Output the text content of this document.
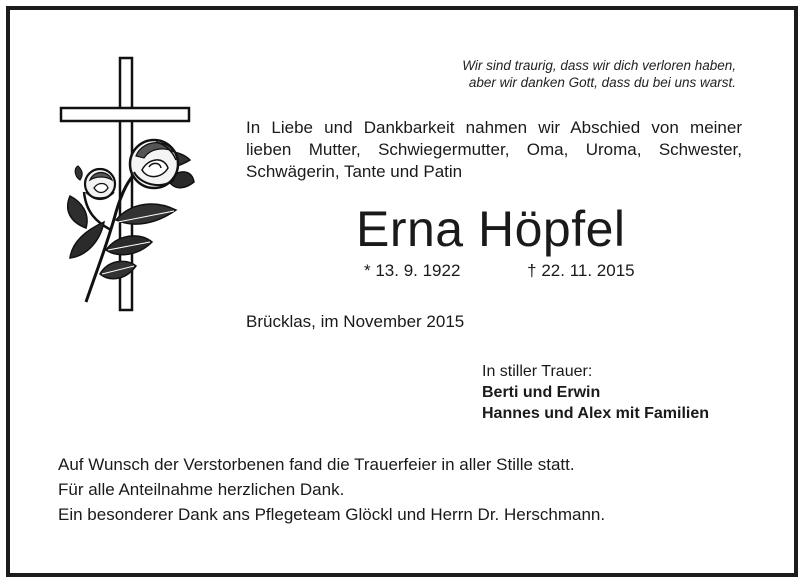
Wir sind traurig, dass wir dich verloren haben,
aber wir danken Gott, dass du bei uns warst.
In Liebe und Dankbarkeit nahmen wir Abschied von meiner
lieben Mutter, Schwiegermutter, Oma, Uroma, Schwester,
Schwägerin, Tante und Patin
Erna Höpfel
* 13. 9. 1922	† 22. 11. 2015
Brücklas, im November 2015
In stiller Trauer:
Berti und Erwin
Hannes und Alex mit Familien
Auf Wunsch der Verstorbenen fand die Trauerfeier in aller Stille statt.
Für alle Anteilnahme herzlichen Dank.
Ein besonderer Dank ans Pflegeteam Glöckl und Herrn Dr. Herschmann.
